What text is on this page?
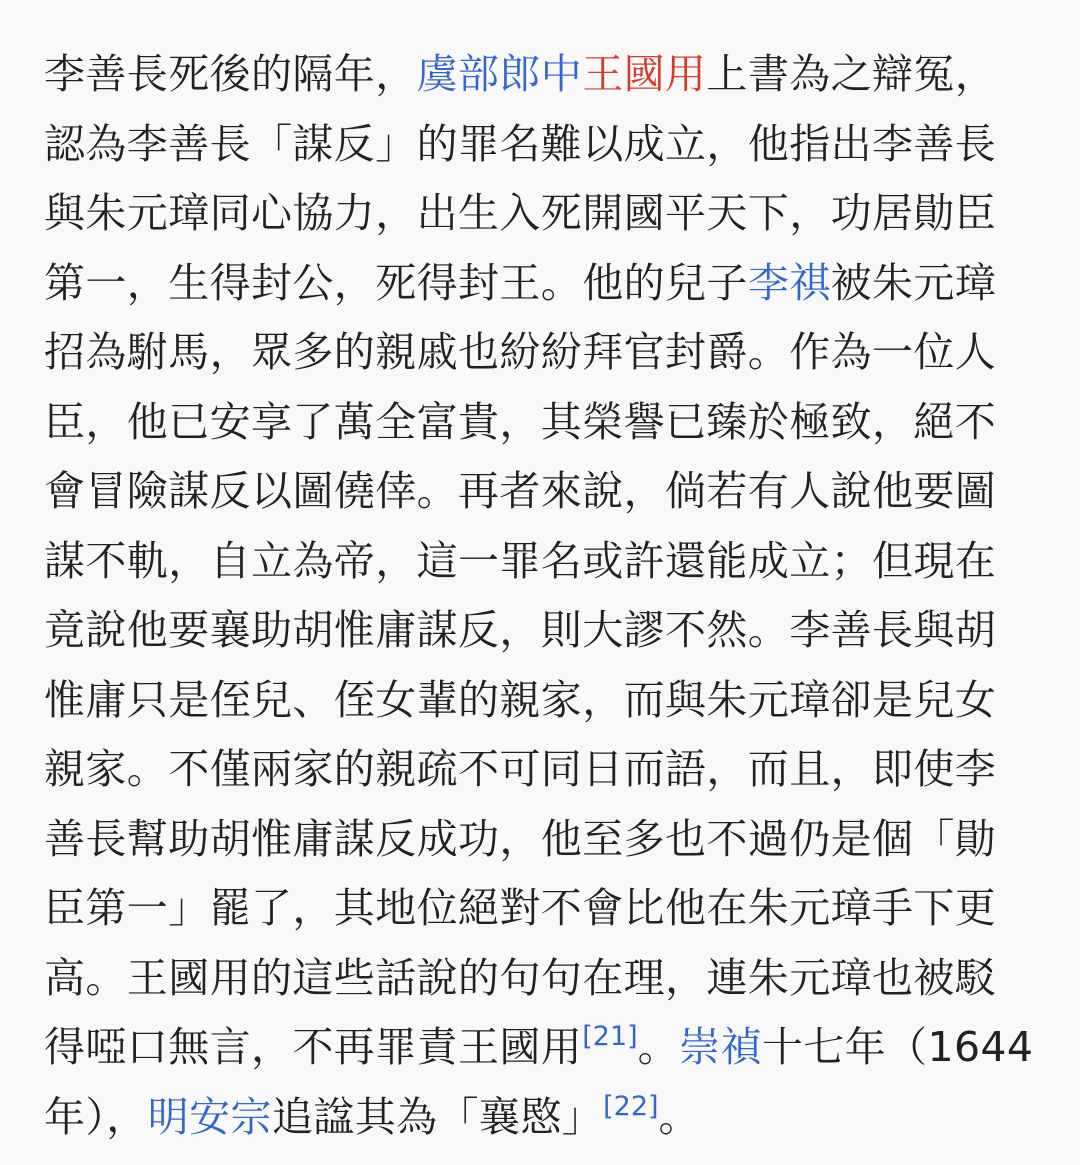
李善長死後的隔年，虞部郎中王國用上書為之辯冤，
認為李善長「謀反」的罪名難以成立，他指出李善長
與朱元璋同心協力，出生入死開國平天下，功居勛臣
第一，生得封公，死得封王。他的兒子李祺被朱元璋
招為駙馬，眾多的親戚也紛紛拜官封爵。作為一位人
臣，他已安享了萬全富貴，其榮譽已臻於極致，絕不
會冒險謀反以圖僥倖。再者來說，倘若有人說他要圖
謀不軌，自立為帝，這一罪名或許還能成立；但現在
竟說他要襄助胡惟庸謀反，則大謬不然。李善長與胡
惟庸只是侄兒、侄女輩的親家，而與朱元璋卻是兒女
親家。不僅兩家的親疏不可同日而語，而且，即使李
善長幫助胡惟庸謀反成功，他至多也不過仍是個「勛
臣第一」罷了，其地位絕對不會比他在朱元璋手下更
高。王國用的這些話說的句句在理，連朱元璋也被駁
得啞口無言，不再罪責王國用[21]。崇禎十七年（1644
年），明安宗追諡其為「襄愍」[22]。
